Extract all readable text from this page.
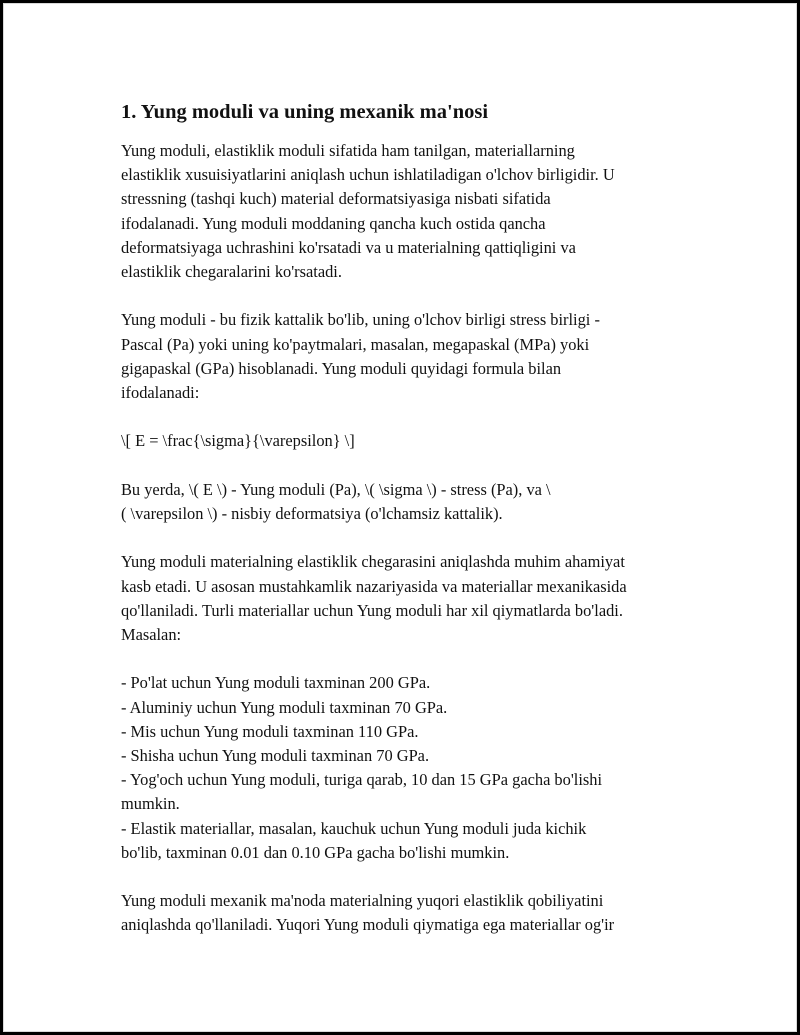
1. Yung moduli va uning mexanik ma'nosi

Yung moduli, elastiklik moduli sifatida ham tanilgan, materiallarning
elastiklik xusuisiyatlarini aniqlash uchun ishlatiladigan o'lchov birligidir. U
stressning (tashqi kuch) material deformatsiyasiga nisbati sifatida
ifodalanadi. Yung moduli moddaning qancha kuch ostida qancha
deformatsiyaga uchrashini ko'rsatadi va u materialning qattiqligini va
elastiklik chegaralarini ko'rsatadi.

Yung moduli - bu fizik kattalik bo'lib, uning o'lchov birligi stress birligi -
Pascal (Pa) yoki uning ko'paytmalari, masalan, megapaskal (MPa) yoki
gigapaskal (GPa) hisoblanadi. Yung moduli quyidagi formula bilan
ifodalanadi:

\[ E = \frac{\sigma}{\varepsilon} \]

Bu yerda, \( E \) - Yung moduli (Pa), \( \sigma \) - stress (Pa), va \
( \varepsilon \) - nisbiy deformatsiya (o'lchamsiz kattalik).

Yung moduli materialning elastiklik chegarasini aniqlashda muhim ahamiyat
kasb etadi. U asosan mustahkamlik nazariyasida va materiallar mexanikasida
qo'llaniladi. Turli materiallar uchun Yung moduli har xil qiymatlarda bo'ladi.
Masalan:

- Po'lat uchun Yung moduli taxminan 200 GPa.
- Aluminiy uchun Yung moduli taxminan 70 GPa.
- Mis uchun Yung moduli taxminan 110 GPa.
- Shisha uchun Yung moduli taxminan 70 GPa.
- Yog'och uchun Yung moduli, turiga qarab, 10 dan 15 GPa gacha bo'lishi
mumkin.
- Elastik materiallar, masalan, kauchuk uchun Yung moduli juda kichik
bo'lib, taxminan 0.01 dan 0.10 GPa gacha bo'lishi mumkin.

Yung moduli mexanik ma'noda materialning yuqori elastiklik qobiliyatini
aniqlashda qo'llaniladi. Yuqori Yung moduli qiymatiga ega materiallar og'ir
